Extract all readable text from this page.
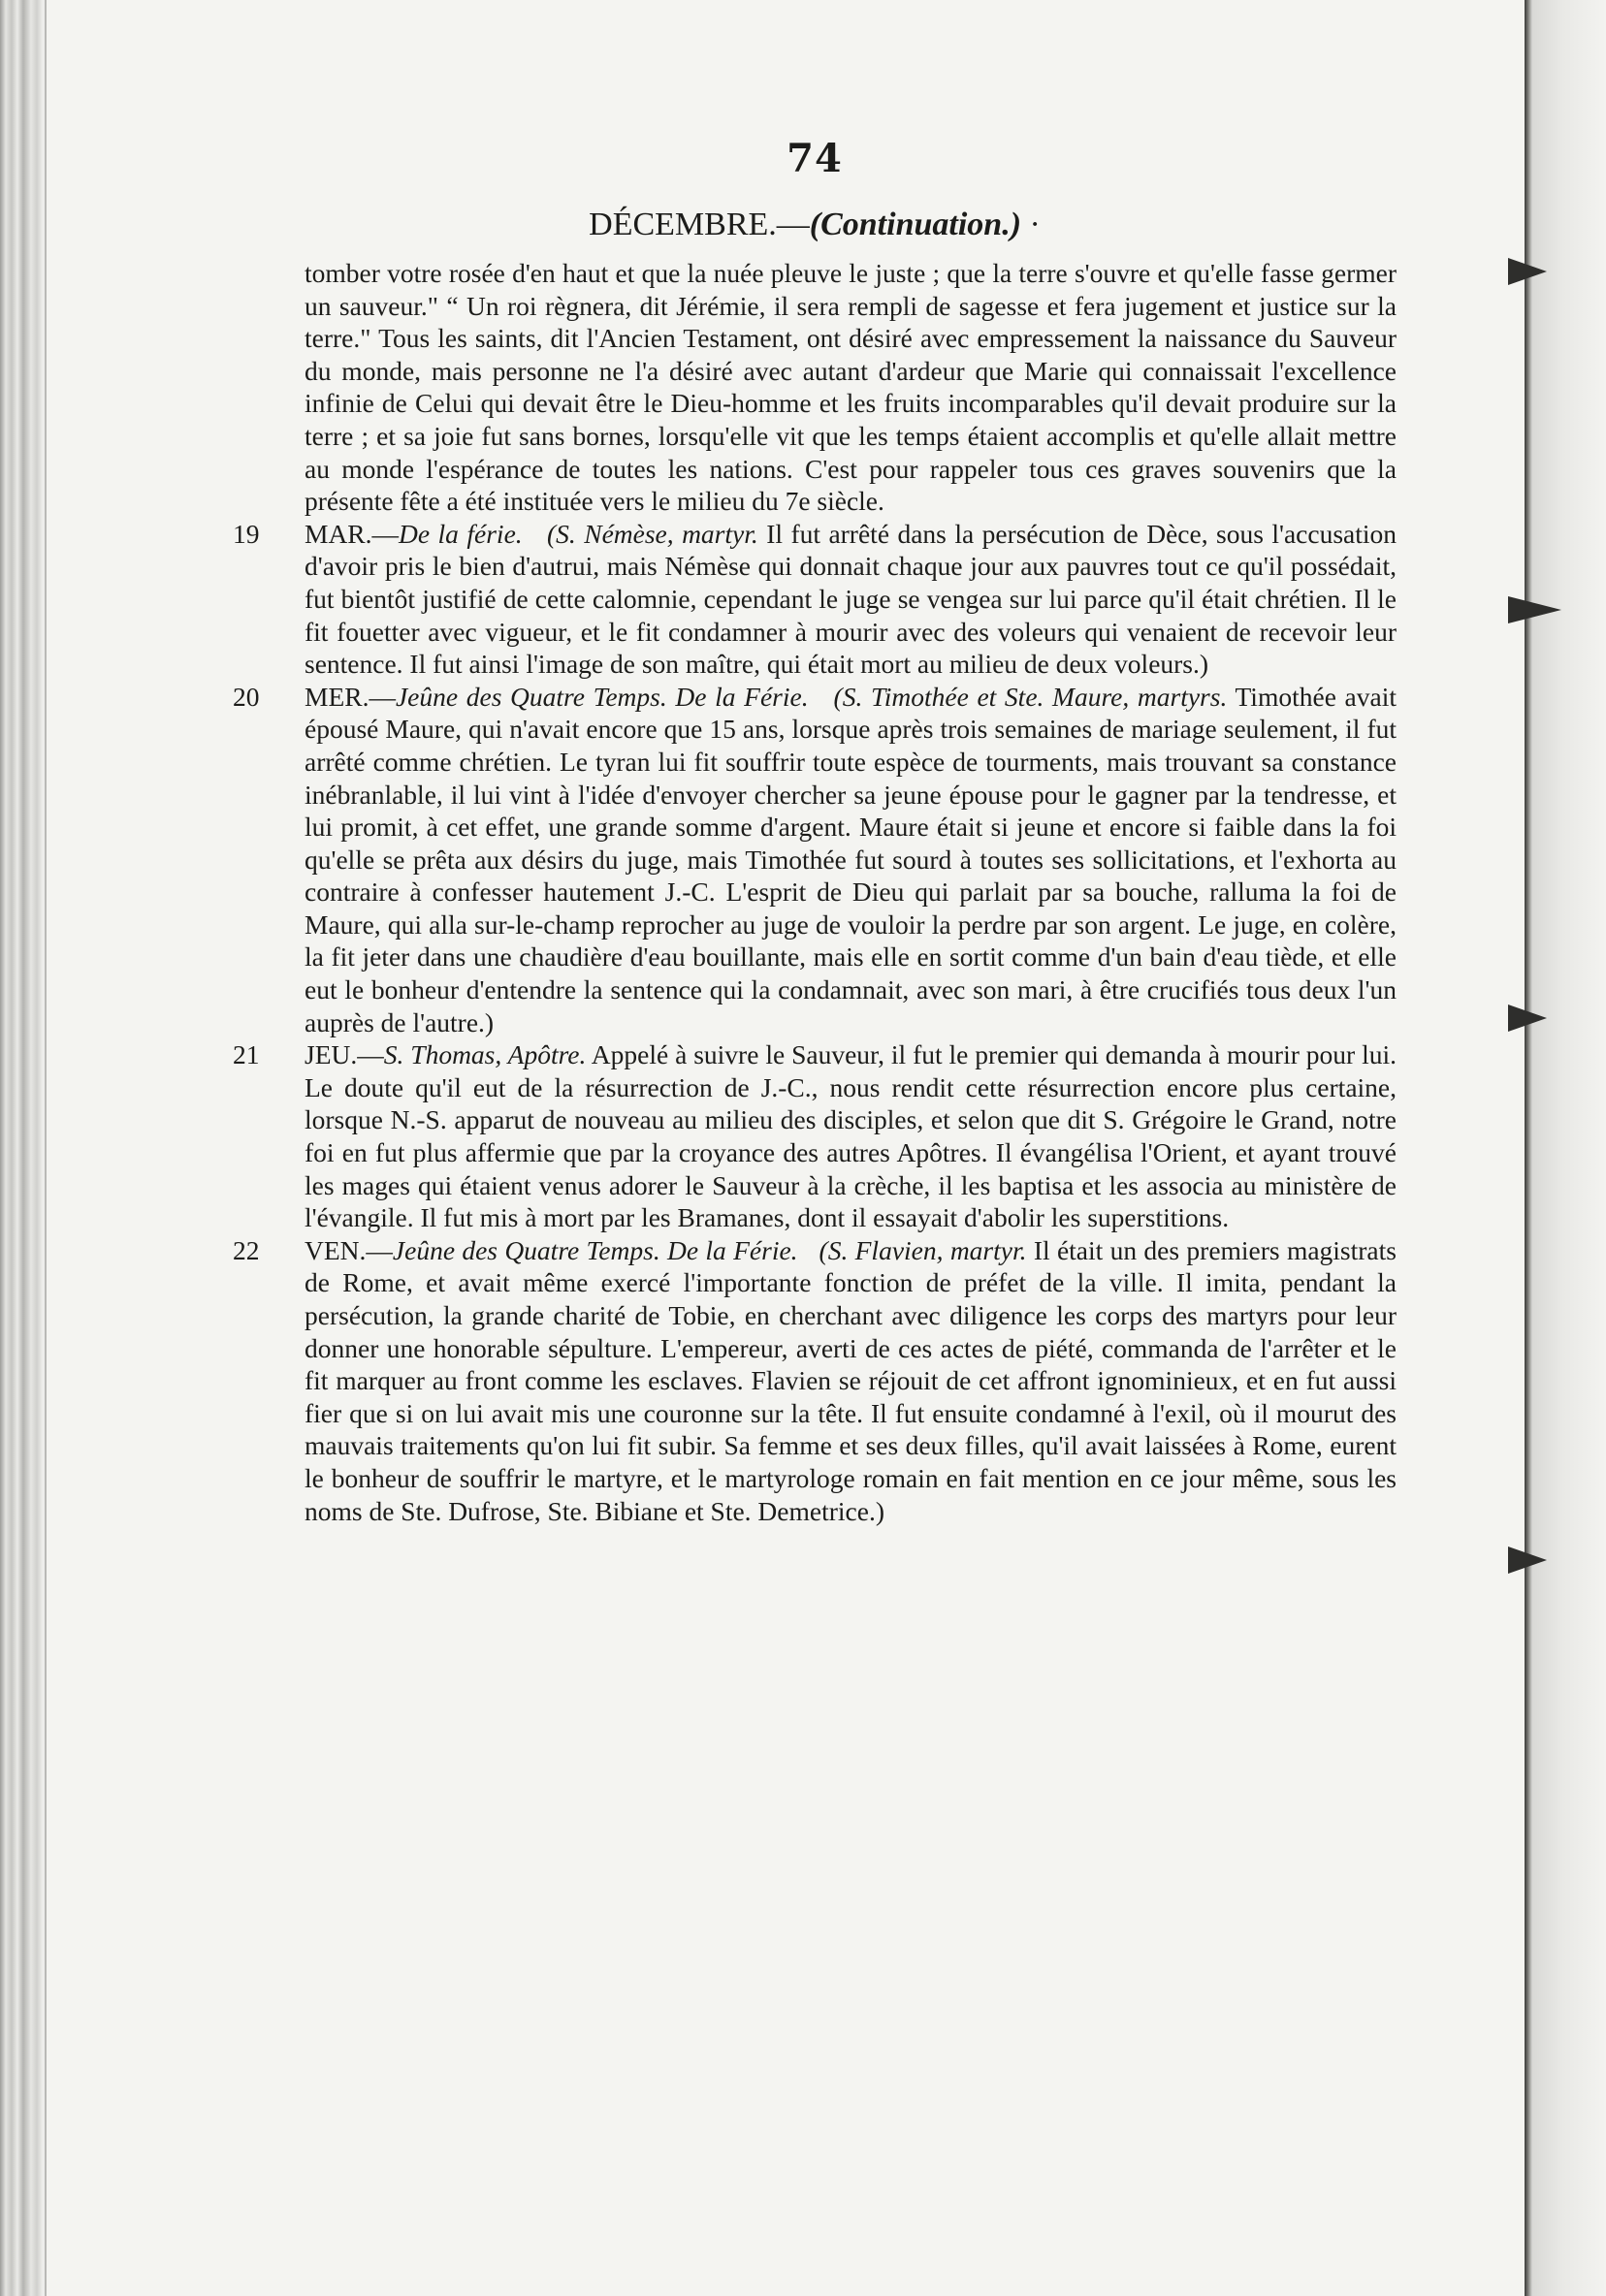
74
DÉCEMBRE.—(Continuation.) ·

tomber votre rosée d'en haut et que la nuée pleuve le juste ; que la terre s'ouvre et qu'elle fasse germer un sauveur." “ Un roi règnera, dit Jérémie, il sera rempli de sagesse et fera jugement et justice sur la terre." Tous les saints, dit l'Ancien Testament, ont désiré avec empressement la naissance du Sauveur du monde, mais personne ne l'a désiré avec autant d'ardeur que Marie qui connaissait l'excellence infinie de Celui qui devait être le Dieu-homme et les fruits incomparables qu'il devait produire sur la terre ; et sa joie fut sans bornes, lorsqu'elle vit que les temps étaient accomplis et qu'elle allait mettre au monde l'espérance de toutes les nations. C'est pour rappeler tous ces graves souvenirs que la présente fête a été instituée vers le milieu du 7e siècle.

19	MAR.—De la férie. (S. Némèse, martyr. Il fut arrêté dans la persécution de Dèce, sous l'accusation d'avoir pris le bien d'autrui, mais Némèse qui donnait chaque jour aux pauvres tout ce qu'il possédait, fut bientôt justifié de cette calomnie, cependant le juge se vengea sur lui parce qu'il était chrétien. Il le fit fouetter avec vigueur, et le fit condamner à mourir avec des voleurs qui venaient de recevoir leur sentence. Il fut ainsi l'image de son maître, qui était mort au milieu de deux voleurs.)

20	MER.—Jeûne des Quatre Temps. De la Férie. (S. Timothée et Ste. Maure, martyrs. Timothée avait épousé Maure, qui n'avait encore que 15 ans, lorsque après trois semaines de mariage seulement, il fut arrêté comme chrétien. Le tyran lui fit souffrir toute espèce de tourments, mais trouvant sa constance inébranlable, il lui vint à l'idée d'envoyer chercher sa jeune épouse pour le gagner par la tendresse, et lui promit, à cet effet, une grande somme d'argent. Maure était si jeune et encore si faible dans la foi qu'elle se prêta aux désirs du juge, mais Timothée fut sourd à toutes ses sollicitations, et l'exhorta au contraire à confesser hautement J.-C. L'esprit de Dieu qui parlait par sa bouche, ralluma la foi de Maure, qui alla sur-le-champ reprocher au juge de vouloir la perdre par son argent. Le juge, en colère, la fit jeter dans une chaudière d'eau bouillante, mais elle en sortit comme d'un bain d'eau tiède, et elle eut le bonheur d'entendre la sentence qui la condamnait, avec son mari, à être crucifiés tous deux l'un auprès de l'autre.)

21	JEU.—S. Thomas, Apôtre. Appelé à suivre le Sauveur, il fut le premier qui demanda à mourir pour lui. Le doute qu'il eut de la résurrection de J.-C., nous rendit cette résurrection encore plus certaine, lorsque N.-S. apparut de nouveau au milieu des disciples, et selon que dit S. Grégoire le Grand, notre foi en fut plus affermie que par la croyance des autres Apôtres. Il évangélisa l'Orient, et ayant trouvé les mages qui étaient venus adorer le Sauveur à la crèche, il les baptisa et les associa au ministère de l'évangile. Il fut mis à mort par les Bramanes, dont il essayait d'abolir les superstitions.

22	VEN.—Jeûne des Quatre Temps. De la Férie. (S. Flavien, martyr. Il était un des premiers magistrats de Rome, et avait même exercé l'importante fonction de préfet de la ville. Il imita, pendant la persécution, la grande charité de Tobie, en cherchant avec diligence les corps des martyrs pour leur donner une honorable sépulture. L'empereur, averti de ces actes de piété, commanda de l'arrêter et le fit marquer au front comme les esclaves. Flavien se réjouit de cet affront ignominieux, et en fut aussi fier que si on lui avait mis une couronne sur la tête. Il fut ensuite condamné à l'exil, où il mourut des mauvais traitements qu'on lui fit subir. Sa femme et ses deux filles, qu'il avait laissées à Rome, eurent le bonheur de souffrir le martyre, et le martyrologe romain en fait mention en ce jour même, sous les noms de Ste. Dufrose, Ste. Bibiane et Ste. Demetrice.)
